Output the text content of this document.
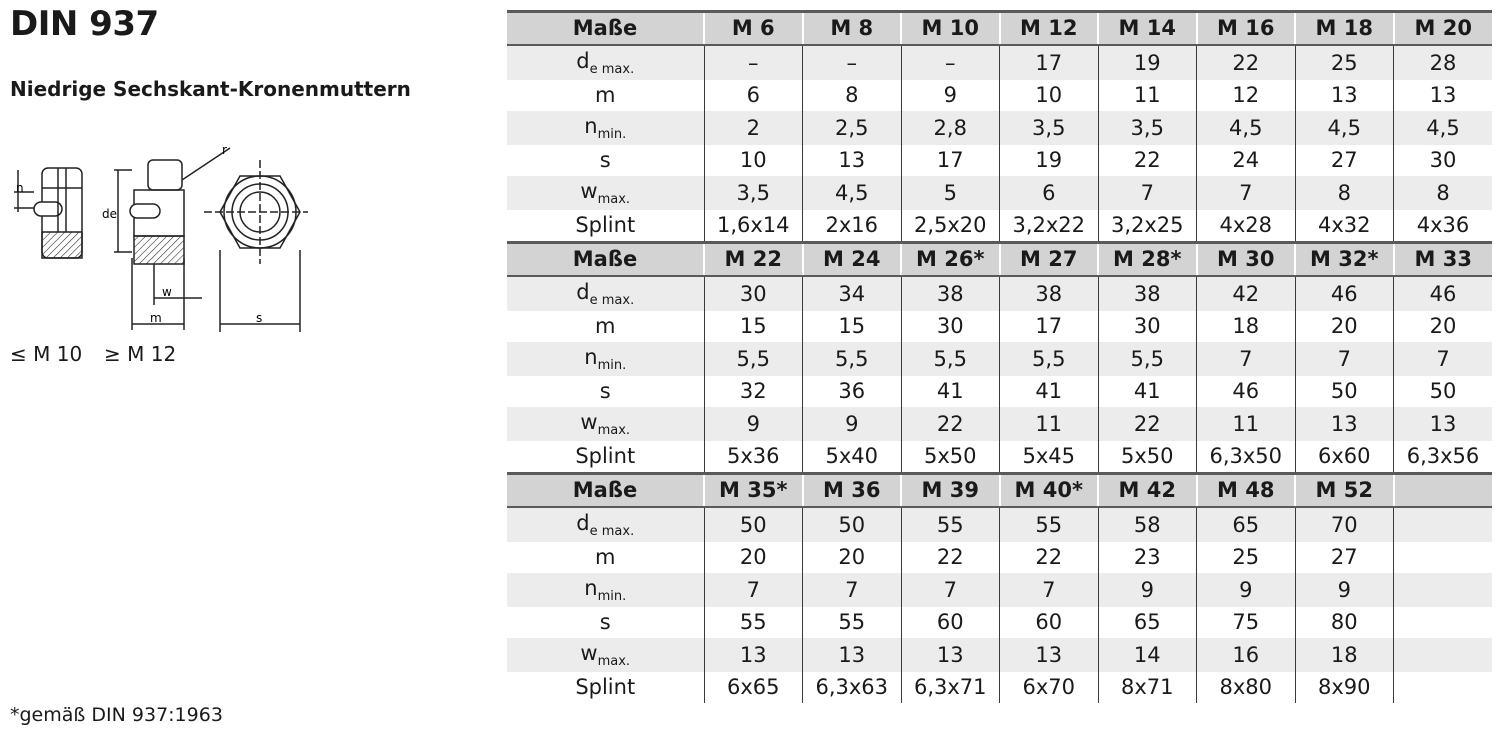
DIN 937
Niedrige Sechskant-Kronenmuttern
n
de
r
w
m	s
≤ M 10 ≥ M 12
Maße	M 6	M 8	M 10	M 12	M 14	M 16	M 18	M 20
$d_{e max.}$	–	–	–	17	19	22	25	28
m	6	8	9	10	11	12	13	13
$n_{min.}$	2	2,5	2,8	3,5	3,5	4,5	4,5	4,5
s	10	13	17	19	22	24	27	30
$w_{max.}$	3,5	4,5	5	6	7	7	8	8
Splint	1,6x14	2x16	2,5x20	3,2x22	3,2x25	4x28	4x32	4x36
Maße	M 22	M 24	M 26*	M 27	M 28*	M 30	M 32*	M 33
$d_{e max.}$	30	34	38	38	38	42	46	46
m	15	15	30	17	30	18	20	20
$n_{min.}$	5,5	5,5	5,5	5,5	5,5	7	7	7
s	32	36	41	41	41	46	50	50
$w_{max.}$	9	9	22	11	22	11	13	13
Splint	5x36	5x40	5x50	5x45	5x50	6,3x50	6x60	6,3x56
Maße	M 35*	M 36	M 39	M 40*	M 42	M 48	M 52	
$d_{e max.}$	50	50	55	55	58	65	70	
m	20	20	22	22	23	25	27	
$n_{min.}$	7	7	7	7	9	9	9	
s	55	55	60	60	65	75	80	
$w_{max.}$	13	13	13	13	14	16	18	
Splint	6x65	6,3x63	6,3x71	6x70	8x71	8x80	8x90	
*gemäß DIN 937:1963
